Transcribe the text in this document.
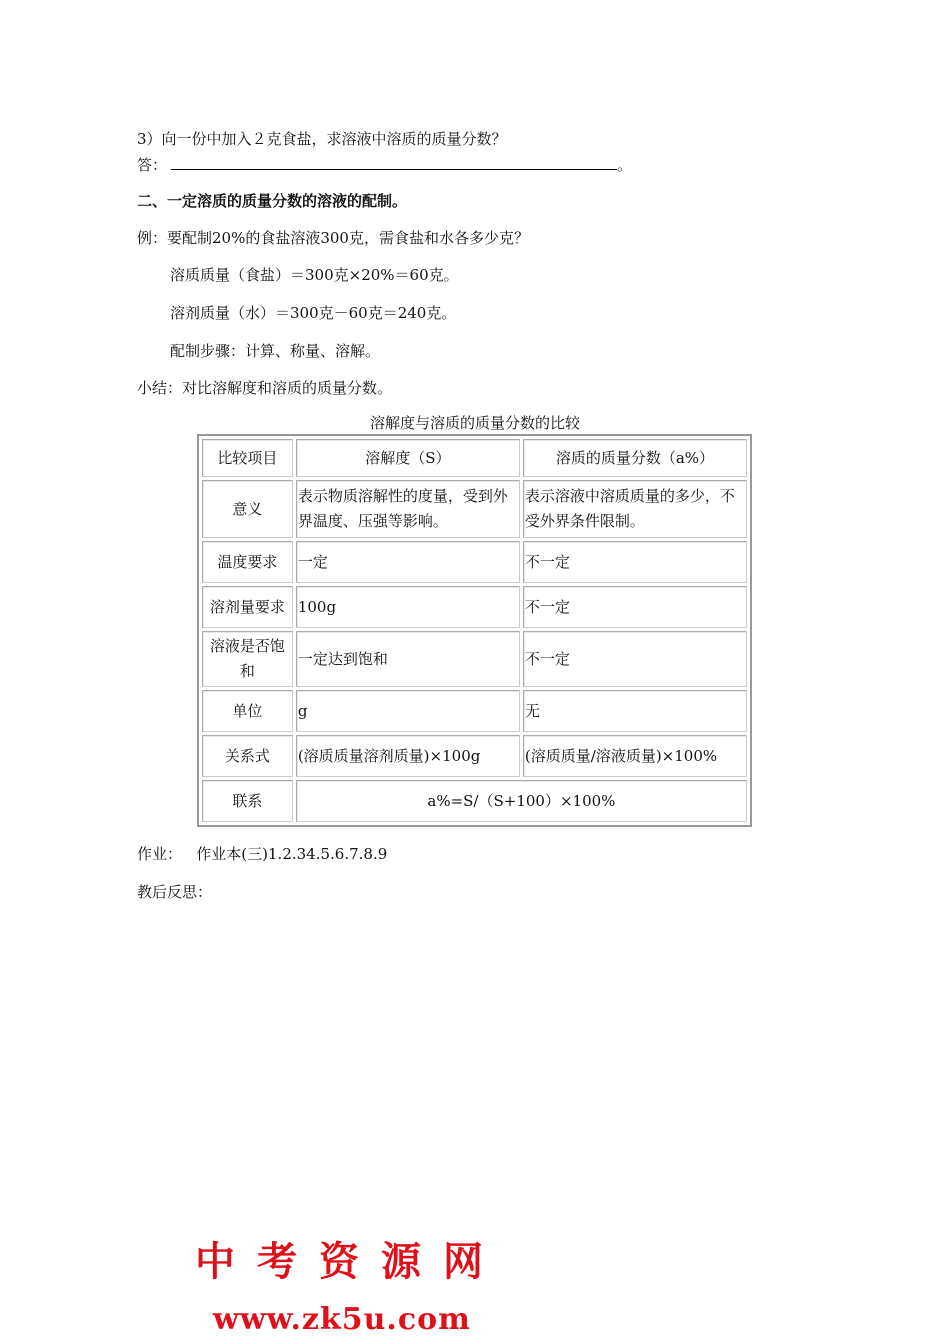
3）向一份中加入２克食盐，求溶液中溶质的质量分数？
答：	。
二、一定溶质的质量分数的溶液的配制。
例：要配制20%的食盐溶液300克，需食盐和水各多少克？
溶质质量（食盐）＝300克×20%＝60克。
溶剂质量（水）＝300克－60克＝240克。
配制步骤：计算、称量、溶解。
小结：对比溶解度和溶质的质量分数。
溶解度与溶质的质量分数的比较
比较项目	溶解度（S）	溶质的质量分数（a%）
意义	表示物质溶解性的度量，受到外界温度、压强等影响。	表示溶液中溶质质量的多少，不受外界条件限制。
温度要求	一定	不一定
溶剂量要求	100g	不一定
溶液是否饱和	一定达到饱和	不一定
单位	g	无
关系式	(溶质质量溶剂质量)×100g	(溶质质量/溶液质量)×100%
联系	a%=S/（S+100）×100%	
作业：   作业本(三)1.2.34.5.6.7.8.9
教后反思：
中考资源网
www.zk5u.com
